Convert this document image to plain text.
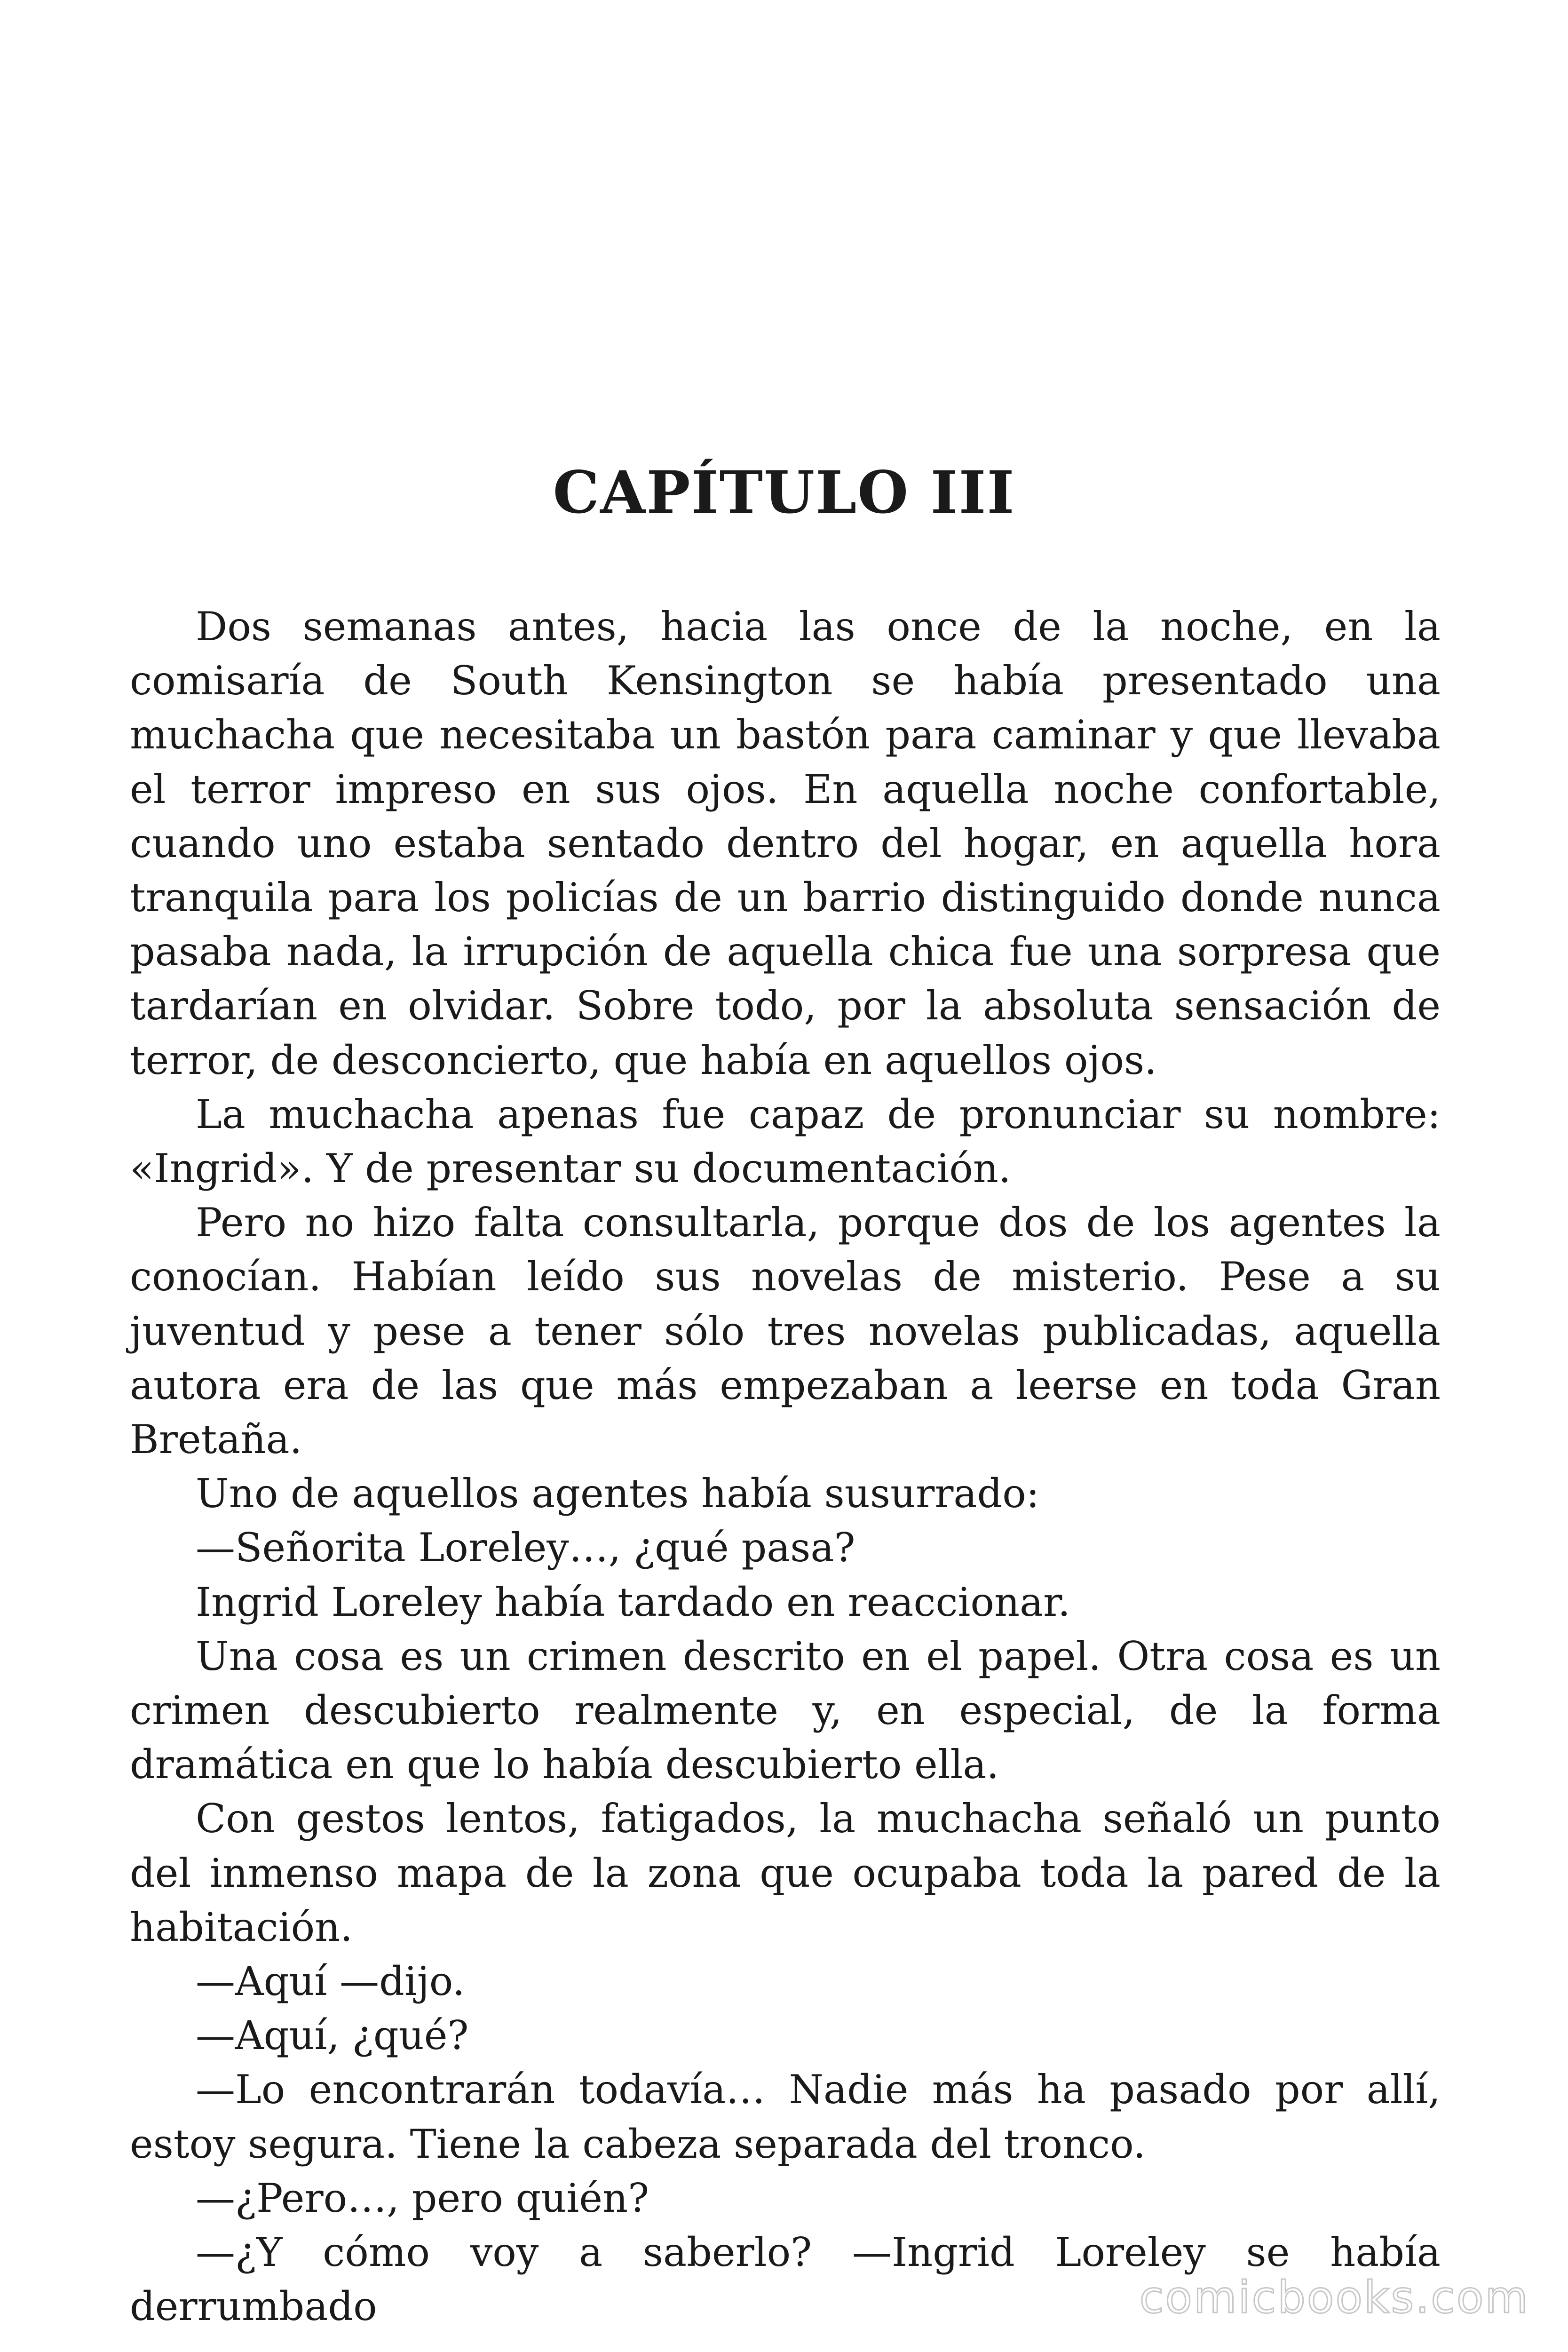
CAPÍTULO III

Dos semanas antes, hacia las once de la noche, en la comisaría de South Kensington se había presentado una muchacha que necesitaba un bastón para caminar y que llevaba el terror impreso en sus ojos. En aquella noche confortable, cuando uno estaba sentado dentro del hogar, en aquella hora tranquila para los policías de un barrio distinguido donde nunca pasaba nada, la irrupción de aquella chica fue una sorpresa que tardarían en olvidar. Sobre todo, por la absoluta sensación de terror, de desconcierto, que había en aquellos ojos.

La muchacha apenas fue capaz de pronunciar su nombre: «Ingrid». Y de presentar su documentación.

Pero no hizo falta consultarla, porque dos de los agentes la conocían. Habían leído sus novelas de misterio. Pese a su juventud y pese a tener sólo tres novelas publicadas, aquella autora era de las que más empezaban a leerse en toda Gran Bretaña.

Uno de aquellos agentes había susurrado:

—Señorita Loreley…, ¿qué pasa?

Ingrid Loreley había tardado en reaccionar.

Una cosa es un crimen descrito en el papel. Otra cosa es un crimen descubierto realmente y, en especial, de la forma dramática en que lo había descubierto ella.

Con gestos lentos, fatigados, la muchacha señaló un punto del inmenso mapa de la zona que ocupaba toda la pared de la habitación.

—Aquí —dijo.

—Aquí, ¿qué?

—Lo encontrarán todavía… Nadie más ha pasado por allí, estoy segura. Tiene la cabeza separada del tronco.

—¿Pero…, pero quién?

—¿Y cómo voy a saberlo? —Ingrid Loreley se había derrumbado	comicbooks.com
